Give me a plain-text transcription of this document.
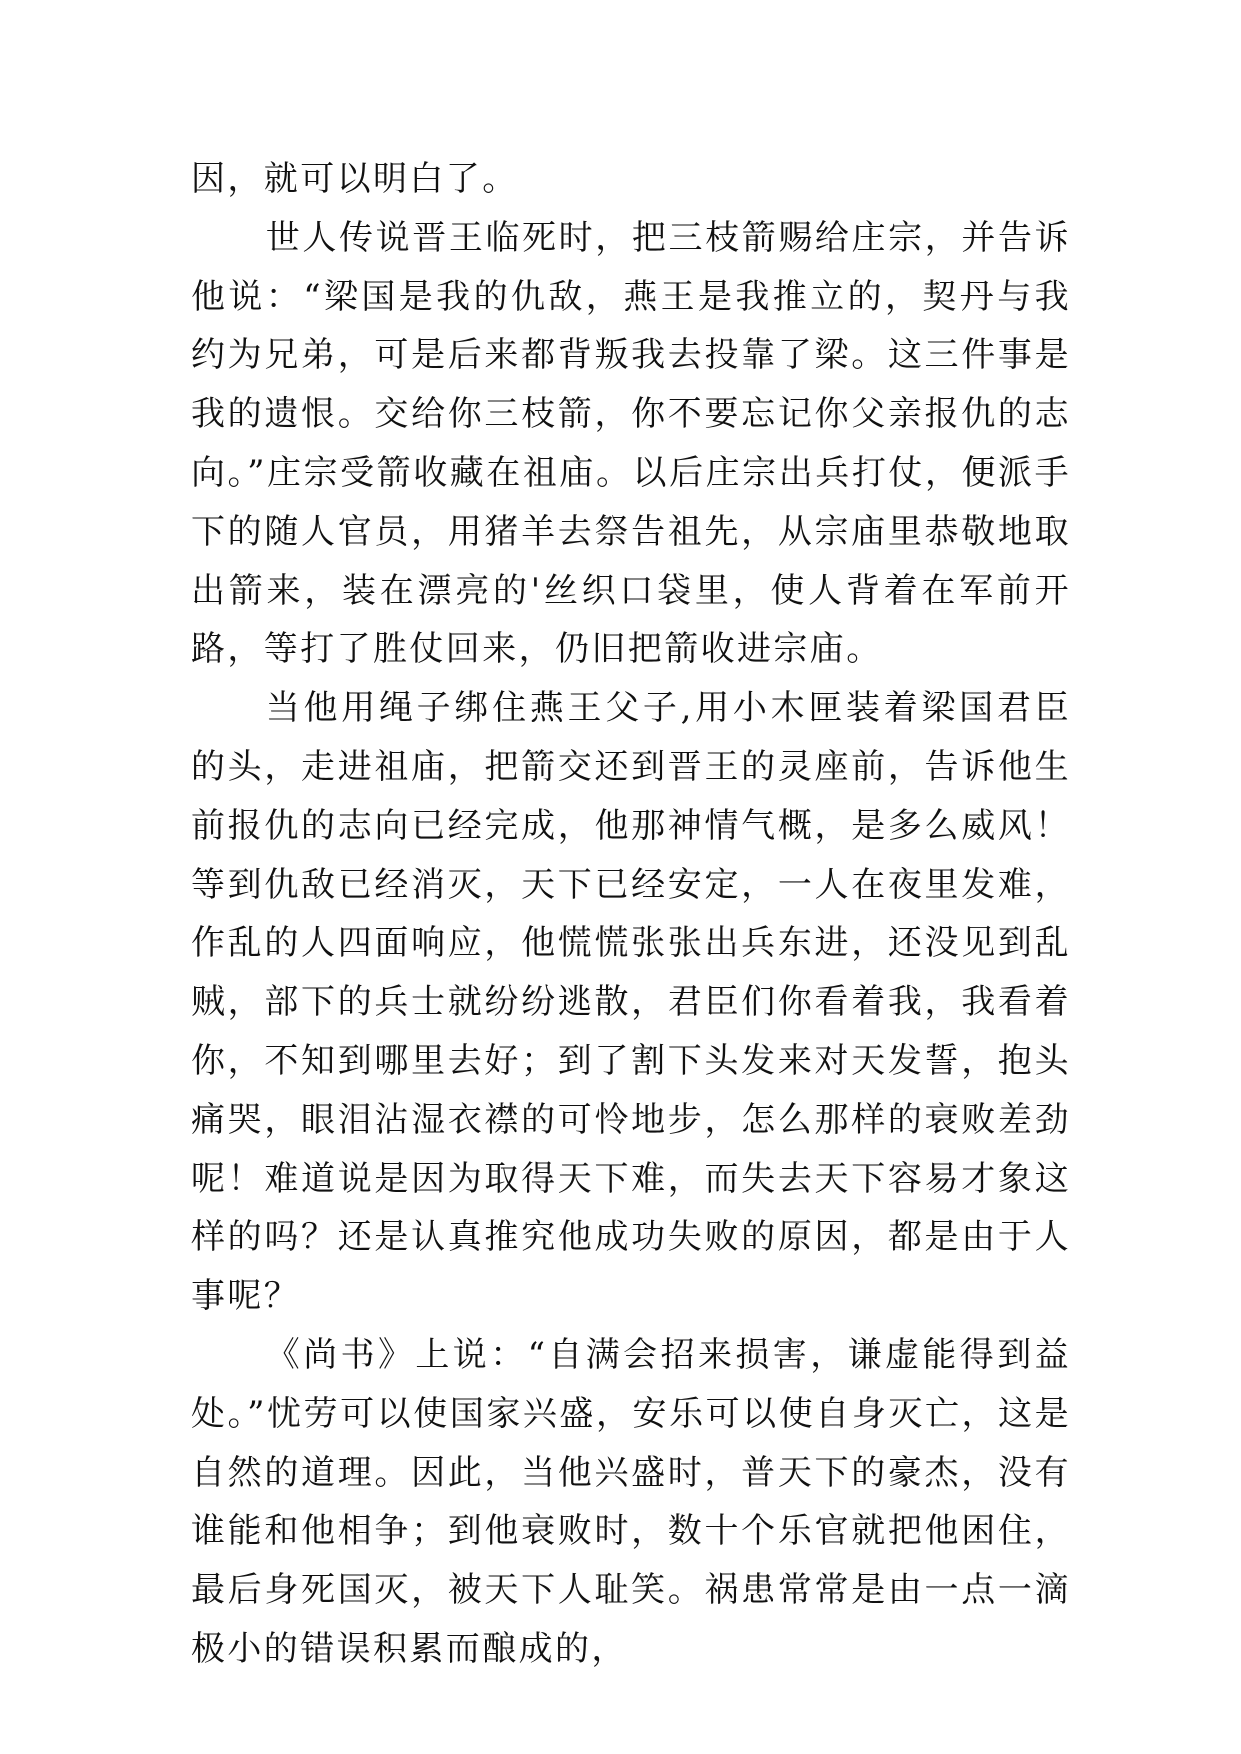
因，就可以明白了。

世人传说晋王临死时，把三枝箭赐给庄宗，并告诉他说：“梁国是我的仇敌，燕王是我推立的，契丹与我约为兄弟，可是后来都背叛我去投靠了梁。这三件事是我的遗恨。交给你三枝箭，你不要忘记你父亲报仇的志向。”庄宗受箭收藏在祖庙。以后庄宗出兵打仗，便派手下的随人官员，用猪羊去祭告祖先，从宗庙里恭敬地取出箭来，装在漂亮的'丝织口袋里，使人背着在军前开路，等打了胜仗回来，仍旧把箭收进宗庙。

当他用绳子绑住燕王父子,用小木匣装着梁国君臣的头，走进祖庙，把箭交还到晋王的灵座前，告诉他生前报仇的志向已经完成，他那神情气概，是多么威风！等到仇敌已经消灭，天下已经安定，一人在夜里发难，作乱的人四面响应，他慌慌张张出兵东进，还没见到乱贼，部下的兵士就纷纷逃散，君臣们你看着我，我看着你，不知到哪里去好；到了割下头发来对天发誓，抱头痛哭，眼泪沾湿衣襟的可怜地步，怎么那样的衰败差劲呢！难道说是因为取得天下难，而失去天下容易才象这样的吗？还是认真推究他成功失败的原因，都是由于人事呢？

《尚书》上说：“自满会招来损害，谦虚能得到益处。”忧劳可以使国家兴盛，安乐可以使自身灭亡，这是自然的道理。因此，当他兴盛时，普天下的豪杰，没有谁能和他相争；到他衰败时，数十个乐官就把他困住，最后身死国灭，被天下人耻笑。祸患常常是由一点一滴极小的错误积累而酿成的，
